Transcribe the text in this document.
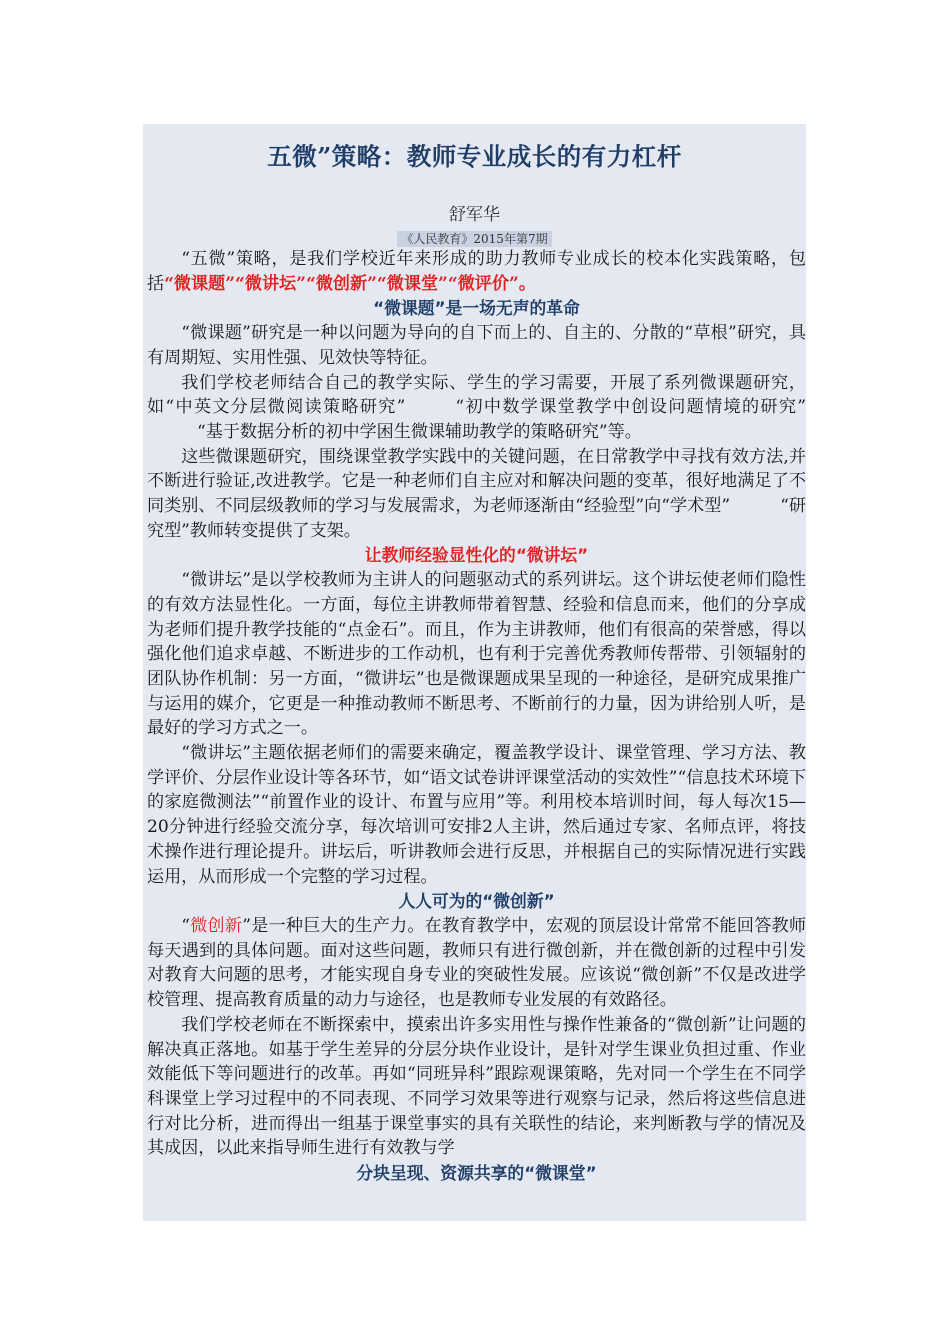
五微”策略：教师专业成长的有力杠杆
舒军华
《人民教育》2015年第7期

“五微”策略，是我们学校近年来形成的助力教师专业成长的校本化实践策略，包括“微课题”“微讲坛”“微创新”“微课堂”“微评价”。

“微课题”是一场无声的革命

“微课题”研究是一种以问题为导向的自下而上的、自主的、分散的“草根”研究，具有周期短、实用性强、见效快等特征。

我们学校老师结合自己的教学实际、学生的学习需要，开展了系列微课题研究，如“中英文分层微阅读策略研究”	“初中数学课堂教学中创设问题情境的研究”“基于数据分析的初中学困生微课辅助教学的策略研究”等。

这些微课题研究，围绕课堂教学实践中的关键问题，在日常教学中寻找有效方法,并不断进行验证,改进教学。它是一种老师们自主应对和解决问题的变革，很好地满足了不同类别、不同层级教师的学习与发展需求，为老师逐渐由“经验型”向“学术型”	“研究型”教师转变提供了支架。

让教师经验显性化的“微讲坛”

“微讲坛”是以学校教师为主讲人的问题驱动式的系列讲坛。这个讲坛使老师们隐性的有效方法显性化。一方面，每位主讲教师带着智慧、经验和信息而来，他们的分享成为老师们提升教学技能的“点金石”。而且，作为主讲教师，他们有很高的荣誉感，得以强化他们追求卓越、不断进步的工作动机，也有利于完善优秀教师传帮带、引领辐射的团队协作机制：另一方面，“微讲坛”也是微课题成果呈现的一种途径，是研究成果推广与运用的媒介，它更是一种推动教师不断思考、不断前行的力量，因为讲给别人听，是最好的学习方式之一。

“微讲坛”主题依据老师们的需要来确定，覆盖教学设计、课堂管理、学习方法、教学评价、分层作业设计等各环节，如“语文试卷讲评课堂活动的实效性”“信息技术环境下的家庭微测法”“前置作业的设计、布置与应用”等。利用校本培训时间，每人每次15—20分钟进行经验交流分享，每次培训可安排2人主讲，然后通过专家、名师点评，将技术操作进行理论提升。讲坛后，听讲教师会进行反思，并根据自己的实际情况进行实践运用，从而形成一个完整的学习过程。

人人可为的“微创新”

“微创新”是一种巨大的生产力。在教育教学中，宏观的顶层设计常常不能回答教师每天遇到的具体问题。面对这些问题，教师只有进行微创新，并在微创新的过程中引发对教育大问题的思考，才能实现自身专业的突破性发展。应该说“微创新”不仅是改进学校管理、提高教育质量的动力与途径，也是教师专业发展的有效路径。

我们学校老师在不断探索中，摸索出许多实用性与操作性兼备的“微创新”让问题的解决真正落地。如基于学生差异的分层分块作业设计，是针对学生课业负担过重、作业效能低下等问题进行的改革。再如“同班异科”跟踪观课策略，先对同一个学生在不同学科课堂上学习过程中的不同表现、不同学习效果等进行观察与记录，然后将这些信息进行对比分析，进而得出一组基于课堂事实的具有关联性的结论，来判断教与学的情况及其成因，以此来指导师生进行有效教与学

分块呈现、资源共享的“微课堂”
